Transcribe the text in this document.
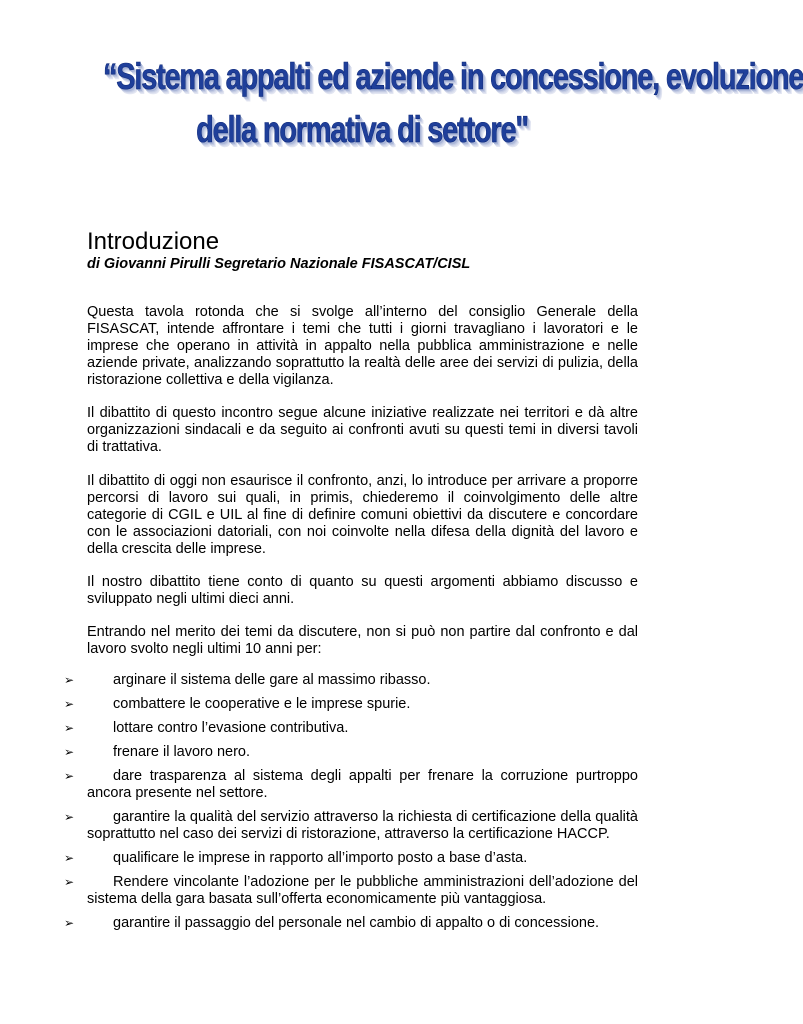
“Sistema appalti ed aziende in concessione, evoluzione
della normativa di settore"
Introduzione
di Giovanni Pirulli Segretario Nazionale FISASCAT/CISL

Questa tavola rotonda che si svolge all’interno del consiglio Generale della FISASCAT, intende affrontare i temi che tutti i giorni travagliano i lavoratori e le imprese che operano in attività in appalto nella pubblica amministrazione e nelle aziende private, analizzando soprattutto la realtà delle aree dei servizi di pulizia, della ristorazione collettiva e della vigilanza.

Il dibattito di questo incontro segue alcune iniziative realizzate nei territori e dà altre organizzazioni sindacali e da seguito ai confronti avuti su questi temi in diversi tavoli di trattativa.

Il dibattito di oggi non esaurisce il confronto, anzi, lo introduce per arrivare a proporre percorsi di lavoro sui quali, in primis, chiederemo il coinvolgimento delle altre categorie di CGIL e UIL al fine di definire comuni obiettivi da discutere e concordare con le associazioni datoriali, con noi coinvolte nella difesa della dignità del lavoro e della crescita delle imprese.

Il nostro dibattito tiene conto di quanto su questi argomenti abbiamo discusso e sviluppato negli ultimi dieci anni.

Entrando nel merito dei temi da discutere, non si può non partire dal confronto e dal lavoro svolto negli ultimi 10 anni per:

➢	arginare il sistema delle gare al massimo ribasso.
➢	combattere le cooperative e le imprese spurie.
➢	lottare contro l’evasione contributiva.
➢	frenare il lavoro nero.
➢	dare trasparenza al sistema degli appalti per frenare la corruzione purtroppo ancora presente nel settore.
➢	garantire la qualità del servizio attraverso la richiesta di certificazione della qualità soprattutto nel caso dei servizi di ristorazione, attraverso la certificazione HACCP.
➢	qualificare le imprese in rapporto all’importo posto a base d’asta.
➢	Rendere vincolante l’adozione per le pubbliche amministrazioni dell’adozione del sistema della gara basata sull’offerta economicamente più vantaggiosa.
➢	garantire il passaggio del personale nel cambio di appalto o di concessione.
